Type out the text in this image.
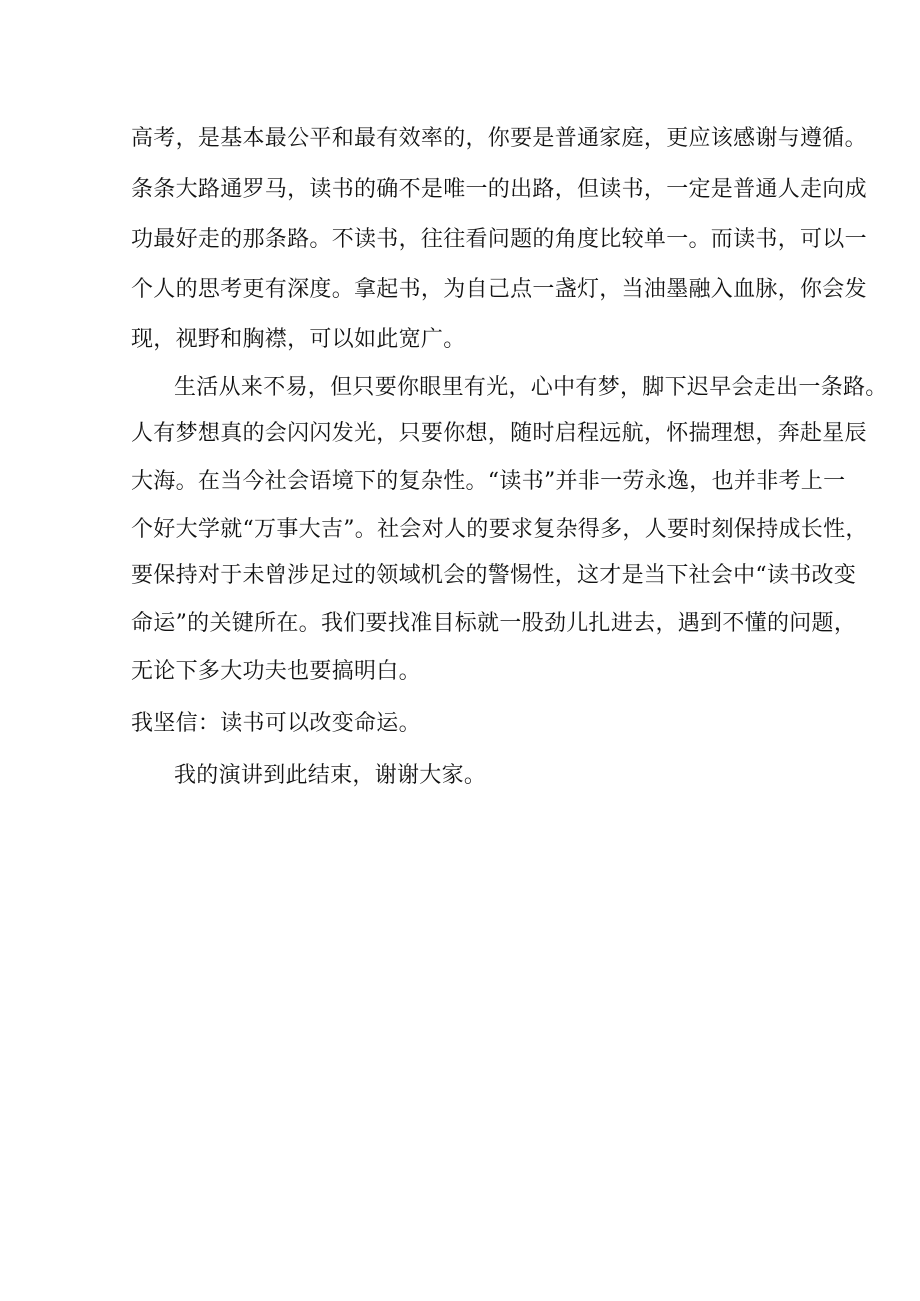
高考，是基本最公平和最有效率的，你要是普通家庭，更应该感谢与遵循。
条条大路通罗马，读书的确不是唯一的出路，但读书，一定是普通人走向成
功最好走的那条路。不读书，往往看问题的角度比较单一。而读书，可以一
个人的思考更有深度。拿起书，为自己点一盏灯，当油墨融入血脉，你会发
现，视野和胸襟，可以如此宽广。
生活从来不易，但只要你眼里有光，心中有梦，脚下迟早会走出一条路。
人有梦想真的会闪闪发光，只要你想，随时启程远航，怀揣理想，奔赴星辰
大海。在当今社会语境下的复杂性。“读书”并非一劳永逸，也并非考上一
个好大学就“万事大吉”。社会对人的要求复杂得多，人要时刻保持成长性，
要保持对于未曾涉足过的领域机会的警惕性，这才是当下社会中“读书改变
命运”的关键所在。我们要找准目标就一股劲儿扎进去，遇到不懂的问题，
无论下多大功夫也要搞明白。
我坚信：读书可以改变命运。
我的演讲到此结束，谢谢大家。
